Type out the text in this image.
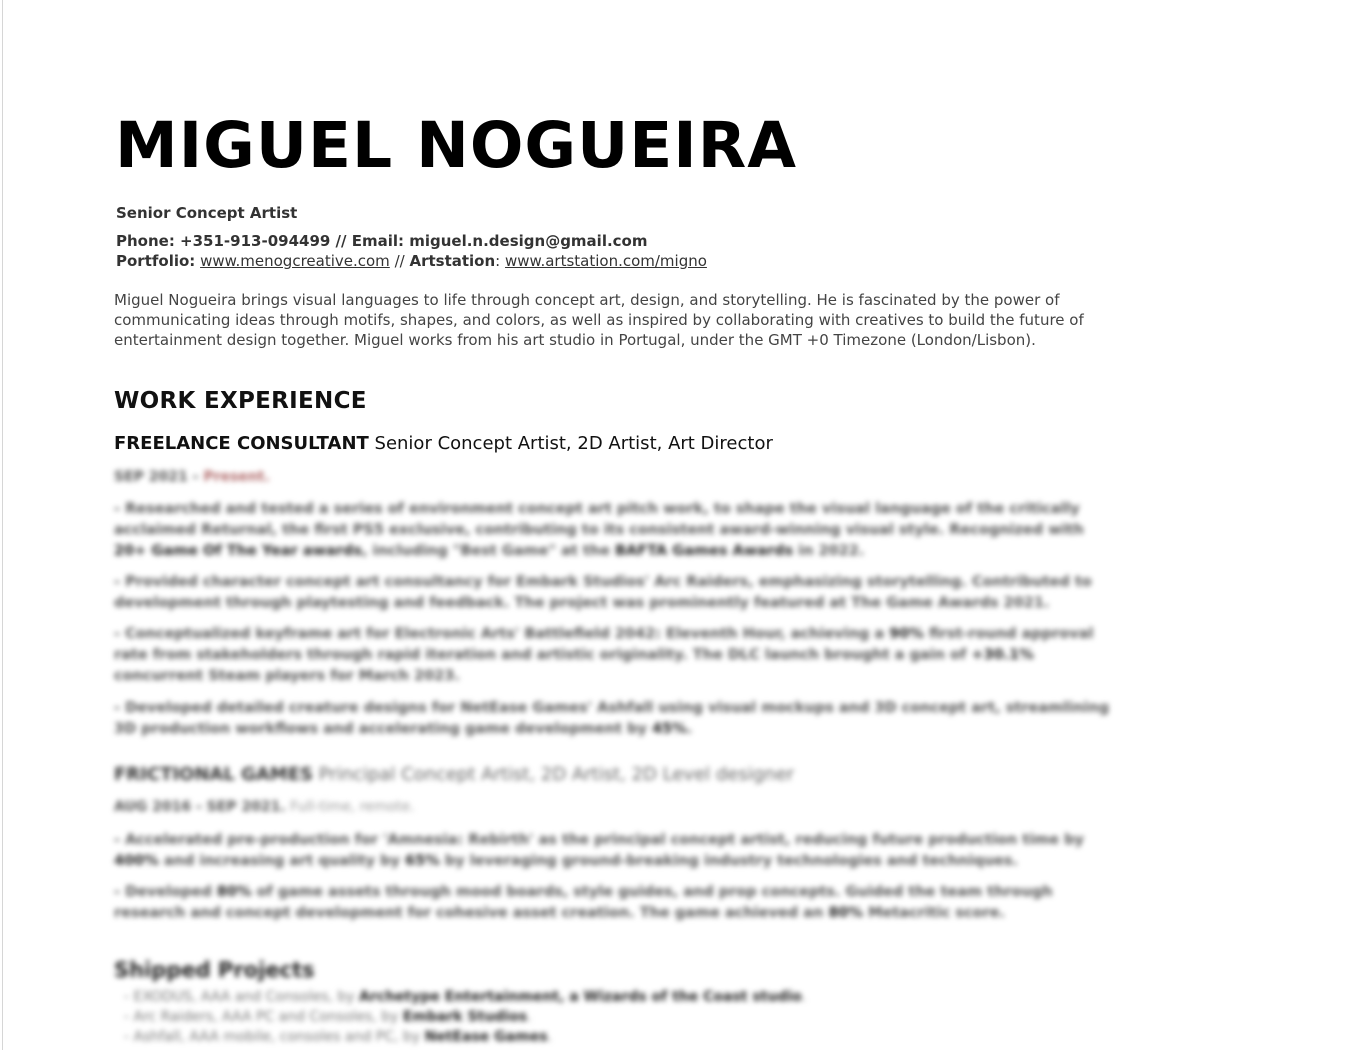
MIGUEL NOGUEIRA
Senior Concept Artist
Phone: +351-913-094499 // Email: miguel.n.design@gmail.com
Portfolio: www.menogcreative.com // Artstation: www.artstation.com/migno
Miguel Nogueira brings visual languages to life through concept art, design, and storytelling. He is fascinated by the power of communicating ideas through motifs, shapes, and colors, as well as inspired by collaborating with creatives to build the future of entertainment design together. Miguel works from his art studio in Portugal, under the GMT +0 Timezone (London/Lisbon).
WORK EXPERIENCE
FREELANCE CONSULTANT Senior Concept Artist, 2D Artist, Art Director
SEP 2021 - Present.
- Researched and tested a series of environment concept art pitch work, to shape the visual language of the critically acclaimed Returnal, the first PS5 exclusive, contributing to its consistent award-winning visual style. Recognized with 20+ Game Of The Year awards, including "Best Game" at the BAFTA Games Awards in 2022.
- Provided character concept art consultancy for Embark Studios' Arc Raiders, emphasizing storytelling. Contributed to development through playtesting and feedback. The project was prominently featured at The Game Awards 2021.
- Conceptualized keyframe art for Electronic Arts' Battlefield 2042: Eleventh Hour, achieving a 90% first-round approval rate from stakeholders through rapid iteration and artistic originality. The DLC launch brought a gain of +30.1% concurrent Steam players for March 2023.
- Developed detailed creature designs for NetEase Games' Ashfall using visual mockups and 3D concept art, streamlining 3D production workflows and accelerating game development by 45%.
FRICTIONAL GAMES Principal Concept Artist, 2D Artist, 2D Level designer
AUG 2016 - SEP 2021. Full-time, remote.
- Accelerated pre-production for 'Amnesia: Rebirth' as the principal concept artist, reducing future production time by 400% and increasing art quality by 65% by leveraging ground-breaking industry technologies and techniques.
- Developed 80% of game assets through mood boards, style guides, and prop concepts. Guided the team through research and concept development for cohesive asset creation. The game achieved an 80% Metacritic score.
Shipped Projects
- EXODUS, AAA and Consoles, by Archetype Entertainment, a Wizards of the Coast studio.
- Arc Raiders, AAA PC and Consoles, by Embark Studios.
- Ashfall, AAA mobile, consoles and PC, by NetEase Games.
